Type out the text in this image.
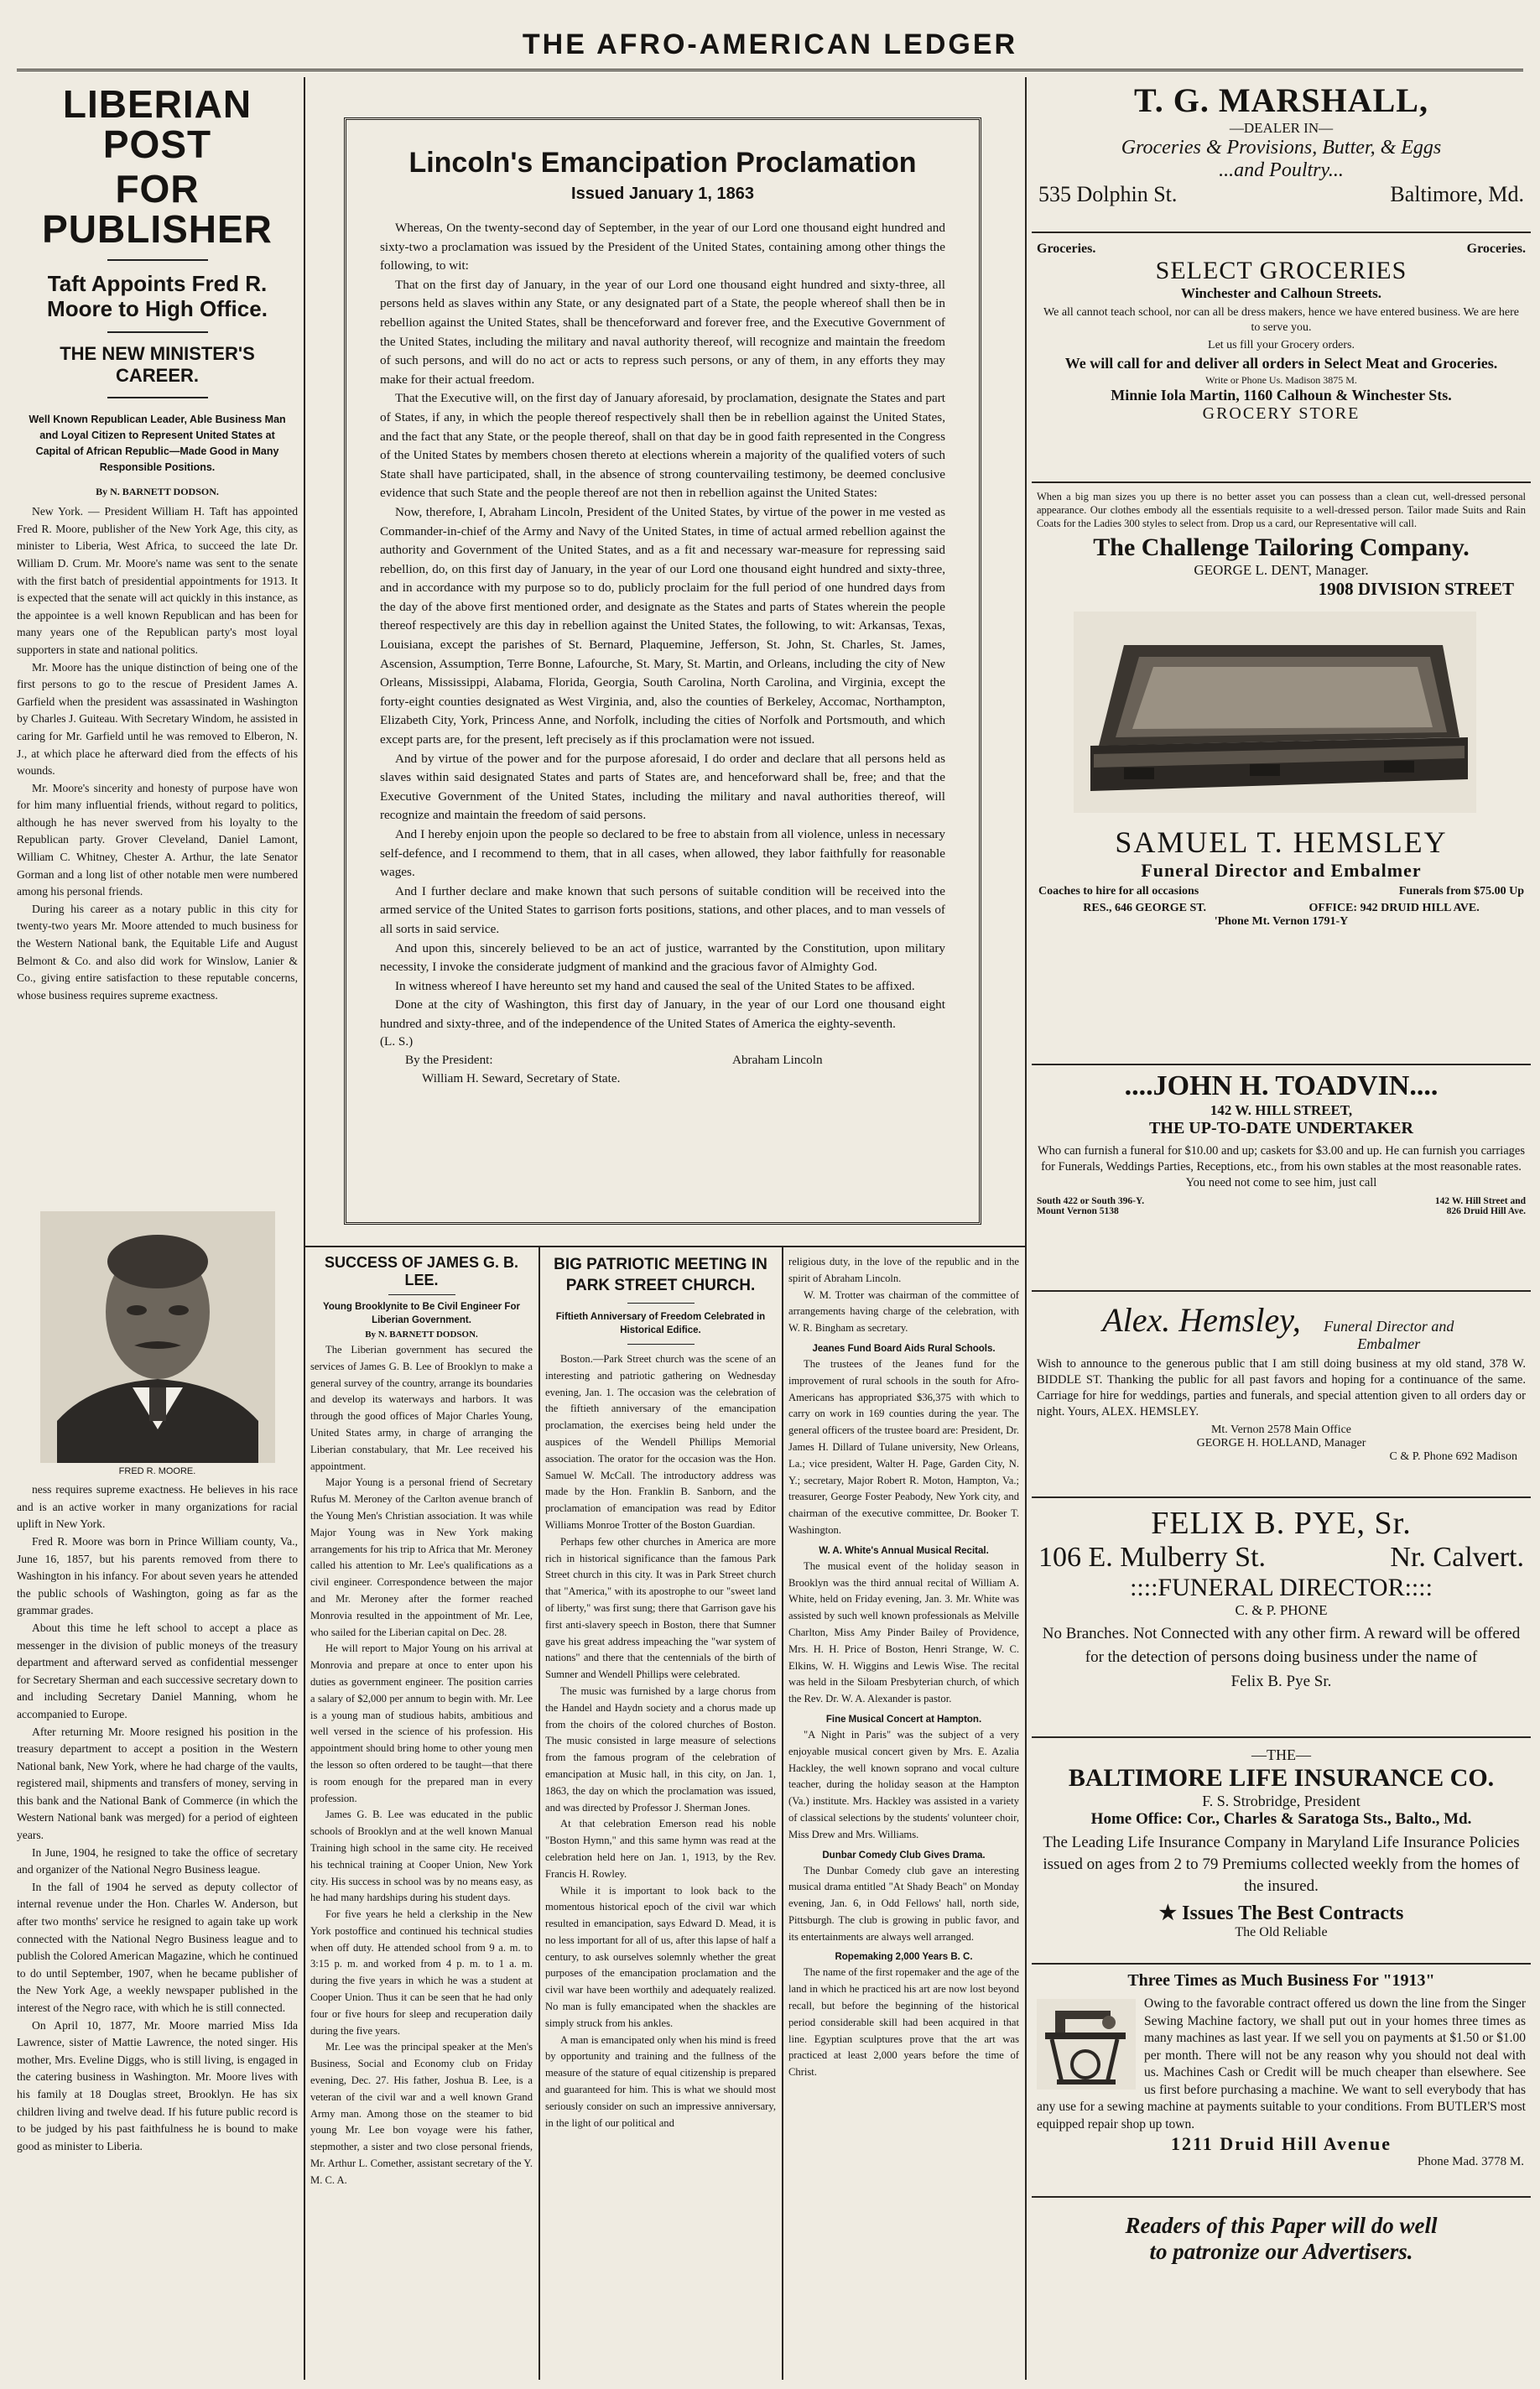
THE AFRO-AMERICAN LEDGER
LIBERIAN POST
FOR PUBLISHER
Taft Appoints Fred R. Moore to High Office.
THE NEW MINISTER'S CAREER.
Well Known Republican Leader, Able Business Man and Loyal Citizen to Represent United States at Capital of African Republic—Made Good in Many Responsible Positions.
By N. BARNETT DODSON.

New York. — President William H. Taft has appointed Fred R. Moore, publisher of the New York Age, this city, as minister to Liberia, West Africa, to succeed the late Dr. William D. Crum. Mr. Moore's name was sent to the senate with the first batch of presidential appointments for 1913. It is expected that the senate will act quickly in this instance, as the appointee is a well known Republican and has been for many years one of the Republican party's most loyal supporters in state and national politics.

Mr. Moore has the unique distinction of being one of the first persons to go to the rescue of President James A. Garfield when the president was assassinated in Washington by Charles J. Guiteau. With Secretary Windom, he assisted in caring for Mr. Garfield until he was removed to Elberon, N. J., at which place he afterward died from the effects of his wounds.

Mr. Moore's sincerity and honesty of purpose have won for him many influential friends, without regard to politics, although he has never swerved from his loyalty to the Republican party. Grover Cleveland, Daniel Lamont, William C. Whitney, Chester A. Arthur, the late Senator Gorman and a long list of other notable men were numbered among his personal friends.

During his career as a notary public in this city for twenty-two years Mr. Moore attended to much business for the Western National bank, the Equitable Life and August Belmont & Co. and also did work for Winslow, Lanier & Co., giving entire satisfaction to these reputable concerns, whose business requires supreme exactness.

FRED R. MOORE.

ness requires supreme exactness. He believes in his race and is an active worker in many organizations for racial uplift in New York.

Fred R. Moore was born in Prince William county, Va., June 16, 1857, but his parents removed from there to Washington in his infancy. For about seven years he attended the public schools of Washington, going as far as the grammar grades.

About this time he left school to accept a place as messenger in the division of public moneys of the treasury department and afterward served as confidential messenger for Secretary Sherman and each successive secretary down to and including Secretary Daniel Manning, whom he accompanied to Europe.

After returning Mr. Moore resigned his position in the treasury department to accept a position in the Western National bank, New York, where he had charge of the vaults, registered mail, shipments and transfers of money, serving in this bank and the National Bank of Commerce (in which the Western National bank was merged) for a period of eighteen years.

In June, 1904, he resigned to take the office of secretary and organizer of the National Negro Business league.

In the fall of 1904 he served as deputy collector of internal revenue under the Hon. Charles W. Anderson, but after two months' service he resigned to again take up work connected with the National Negro Business league and to publish the Colored American Magazine, which he continued to do until September, 1907, when he became publisher of the New York Age, a weekly newspaper published in the interest of the Negro race, with which he is still connected.

On April 10, 1877, Mr. Moore married Miss Ida Lawrence, sister of Mattie Lawrence, the noted singer. His mother, Mrs. Eveline Diggs, who is still living, is engaged in the catering business in Washington. Mr. Moore lives with his family at 18 Douglas street, Brooklyn. He has six children living and twelve dead. If his future public record is to be judged by his past faithfulness he is bound to make good as minister to Liberia.

Lincoln's Emancipation Proclamation
Issued January 1, 1863

Whereas, On the twenty-second day of September, in the year of our Lord one thousand eight hundred and sixty-two a proclamation was issued by the President of the United States, containing among other things the following, to wit:

That on the first day of January, in the year of our Lord one thousand eight hundred and sixty-three, all persons held as slaves within any State, or any designated part of a State, the people whereof shall then be in rebellion against the United States, shall be thenceforward and forever free, and the Executive Government of the United States, including the military and naval authority thereof, will recognize and maintain the freedom of such persons, and will do no act or acts to repress such persons, or any of them, in any efforts they may make for their actual freedom.

That the Executive will, on the first day of January aforesaid, by proclamation, designate the States and part of States, if any, in which the people thereof respectively shall then be in rebellion against the United States, and the fact that any State, or the people thereof, shall on that day be in good faith represented in the Congress of the United States by members chosen thereto at elections wherein a majority of the qualified voters of such State shall have participated, shall, in the absence of strong countervailing testimony, be deemed conclusive evidence that such State and the people thereof are not then in rebellion against the United States:

Now, therefore, I, Abraham Lincoln, President of the United States, by virtue of the power in me vested as Commander-in-chief of the Army and Navy of the United States, in time of actual armed rebellion against the authority and Government of the United States, and as a fit and necessary war-measure for repressing said rebellion, do, on this first day of January, in the year of our Lord one thousand eight hundred and sixty-three, and in accordance with my purpose so to do, publicly proclaim for the full period of one hundred days from the day of the above first mentioned order, and designate as the States and parts of States wherein the people thereof respectively are this day in rebellion against the United States, the following, to wit: Arkansas, Texas, Louisiana, except the parishes of St. Bernard, Plaquemine, Jefferson, St. John, St. Charles, St. James, Ascension, Assumption, Terre Bonne, Lafourche, St. Mary, St. Martin, and Orleans, including the city of New Orleans, Mississippi, Alabama, Florida, Georgia, South Carolina, North Carolina, and Virginia, except the forty-eight counties designated as West Virginia, and, also the counties of Berkeley, Accomac, Northampton, Elizabeth City, York, Princess Anne, and Norfolk, including the cities of Norfolk and Portsmouth, and which except parts are, for the present, left precisely as if this proclamation were not issued.

And by virtue of the power and for the purpose aforesaid, I do order and declare that all persons held as slaves within said designated States and parts of States are, and henceforward shall be, free; and that the Executive Government of the United States, including the military and naval authorities thereof, will recognize and maintain the freedom of said persons.

And I hereby enjoin upon the people so declared to be free to abstain from all violence, unless in necessary self-defence, and I recommend to them, that in all cases, when allowed, they labor faithfully for reasonable wages.

And I further declare and make known that such persons of suitable condition will be received into the armed service of the United States to garrison forts positions, stations, and other places, and to man vessels of all sorts in said service.

And upon this, sincerely believed to be an act of justice, warranted by the Constitution, upon military necessity, I invoke the considerate judgment of mankind and the gracious favor of Almighty God.

In witness whereof I have hereunto set my hand and caused the seal of the United States to be affixed.

Done at the city of Washington, this first day of January, in the year of our Lord one thousand eight hundred and sixty-three, and of the independence of the United States of America the eighty-seventh.

(L. S.)
By the President:	Abraham Lincoln
William H. Seward, Secretary of State.
SUCCESS OF JAMES G. B. LEE.
Young Brooklynite to Be Civil Engineer For Liberian Government.
By N. BARNETT DODSON.

The Liberian government has secured the services of James G. B. Lee of Brooklyn to make a general survey of the country, arrange its boundaries and develop its waterways and harbors. It was through the good offices of Major Charles Young, United States army, in charge of arranging the Liberian constabulary, that Mr. Lee received his appointment.

Major Young is a personal friend of Secretary Rufus M. Meroney of the Carlton avenue branch of the Young Men's Christian association. It was while Major Young was in New York making arrangements for his trip to Africa that Mr. Meroney called his attention to Mr. Lee's qualifications as a civil engineer. Correspondence between the major and Mr. Meroney after the former reached Monrovia resulted in the appointment of Mr. Lee, who sailed for the Liberian capital on Dec. 28.

He will report to Major Young on his arrival at Monrovia and prepare at once to enter upon his duties as government engineer. The position carries a salary of $2,000 per annum to begin with. Mr. Lee is a young man of studious habits, ambitious and well versed in the science of his profession. His appointment should bring home to other young men the lesson so often ordered to be taught—that there is room enough for the prepared man in every profession.

James G. B. Lee was educated in the public schools of Brooklyn and at the well known Manual Training high school in the same city. He received his technical training at Cooper Union, New York city. His success in school was by no means easy, as he had many hardships during his student days.

For five years he held a clerkship in the New York postoffice and continued his technical studies when off duty. He attended school from 9 a. m. to 3:15 p. m. and worked from 4 p. m. to 1 a. m. during the five years in which he was a student at Cooper Union. Thus it can be seen that he had only four or five hours for sleep and recuperation daily during the five years.

Mr. Lee was the principal speaker at the Men's Business, Social and Economy club on Friday evening, Dec. 27. His father, Joshua B. Lee, is a veteran of the civil war and a well known Grand Army man. Among those on the steamer to bid young Mr. Lee bon voyage were his father, stepmother, a sister and two close personal friends, Mr. Arthur L. Comether, assistant secretary of the Y. M. C. A.

BIG PATRIOTIC MEETING IN PARK STREET CHURCH.
Fiftieth Anniversary of Freedom Celebrated in Historical Edifice.

Boston.—Park Street church was the scene of an interesting and patriotic gathering on Wednesday evening, Jan. 1. The occasion was the celebration of the fiftieth anniversary of the emancipation proclamation, the exercises being held under the auspices of the Wendell Phillips Memorial association. The orator for the occasion was the Hon. Samuel W. McCall. The introductory address was made by the Hon. Franklin B. Sanborn, and the proclamation of emancipation was read by Editor Williams Monroe Trotter of the Boston Guardian.

Perhaps few other churches in America are more rich in historical significance than the famous Park Street church in this city. It was in Park Street church that "America," with its apostrophe to our "sweet land of liberty," was first sung; there that Garrison gave his first anti-slavery speech in Boston, there that Sumner gave his great address impeaching the "war system of nations" and there that the centennials of the birth of Sumner and Wendell Phillips were celebrated.

The music was furnished by a large chorus from the Handel and Haydn society and a chorus made up from the choirs of the colored churches of Boston. The music consisted in large measure of selections from the famous program of the celebration of emancipation at Music hall, in this city, on Jan. 1, 1863, the day on which the proclamation was issued, and was directed by Professor J. Sherman Jones.

At that celebration Emerson read his noble "Boston Hymn," and this same hymn was read at the celebration held here on Jan. 1, 1913, by the Rev. Francis H. Rowley.

While it is important to look back to the momentous historical epoch of the civil war which resulted in emancipation, says Edward D. Mead, it is no less important for all of us, after this lapse of half a century, to ask ourselves solemnly whether the great purposes of the emancipation proclamation and the civil war have been worthily and adequately realized. No man is fully emancipated when the shackles are simply struck from his ankles.

A man is emancipated only when his mind is freed by opportunity and training and the fullness of the measure of the stature of equal citizenship is prepared and guaranteed for him. This is what we should most seriously consider on such an impressive anniversary, in the light of our political and

religious duty, in the love of the republic and in the spirit of Abraham Lincoln.
W. M. Trotter was chairman of the committee of arrangements having charge of the celebration, with W. R. Bingham as secretary.
Jeanes Fund Board Aids Rural Schools.
The trustees of the Jeanes fund for the improvement of rural schools in the south for Afro-Americans has appropriated $36,375 with which to carry on work in 169 counties during the year. The general officers of the trustee board are: President, Dr. James H. Dillard of Tulane university, New Orleans, La.; vice president, Walter H. Page, Garden City, N. Y.; secretary, Major Robert R. Moton, Hampton, Va.; treasurer, George Foster Peabody, New York city, and chairman of the executive committee, Dr. Booker T. Washington.
W. A. White's Annual Musical Recital.
The musical event of the holiday season in Brooklyn was the third annual recital of William A. White, held on Friday evening, Jan. 3. Mr. White was assisted by such well known professionals as Melville Charlton, Miss Amy Pinder Bailey of Providence, Mrs. H. H. Price of Boston, Henri Strange, W. C. Elkins, W. H. Wiggins and Lewis Wise. The recital was held in the Siloam Presbyterian church, of which the Rev. Dr. W. A. Alexander is pastor.
Fine Musical Concert at Hampton.
"A Night in Paris" was the subject of a very enjoyable musical concert given by Mrs. E. Azalia Hackley, the well known soprano and vocal culture teacher, during the holiday season at the Hampton (Va.) institute. Mrs. Hackley was assisted in a variety of classical selections by the students' volunteer choir, Miss Drew and Mrs. Williams.
Dunbar Comedy Club Gives Drama.
The Dunbar Comedy club gave an interesting musical drama entitled "At Shady Beach" on Monday evening, Jan. 6, in Odd Fellows' hall, north side, Pittsburgh. The club is growing in public favor, and its entertainments are always well arranged.
Ropemaking 2,000 Years B. C.
The name of the first ropemaker and the age of the land in which he practiced his art are now lost beyond recall, but before the beginning of the historical period considerable skill had been acquired in that line. Egyptian sculptures prove that the art was practiced at least 2,000 years before the time of Christ.
T. G. MARSHALL,
—DEALER IN—
Groceries & Provisions, Butter, & Eggs
...and Poultry...
535 Dolphin St.	Baltimore, Md.
Groceries.	Groceries.
SELECT GROCERIES
Winchester and Calhoun Streets.
We all cannot teach school, nor can all be dress makers, hence we have entered business. We are here to serve you.
Let us fill your Grocery orders.
We will call for and deliver all orders in Select Meat and Groceries.
Write or Phone Us. Madison 3875 M.
Minnie Iola Martin, 1160 Calhoun & Winchester Sts.
GROCERY STORE
When a big man sizes you up there is no better asset you can possess than a clean cut, well-dressed personal appearance. Our clothes embody all the essentials requisite to a well-dressed person. Tailor made Suits and Rain Coats for the Ladies 300 styles to select from. Drop us a card, our Representative will call.
The Challenge Tailoring Company.
GEORGE L. DENT, Manager.
1908 DIVISION STREET
SAMUEL T. HEMSLEY
Funeral Director and Embalmer
Coaches to hire for all occasions	Funerals from $75.00 Up
RES., 646 GEORGE ST.	OFFICE: 942 DRUID HILL AVE.
'Phone Mt. Vernon 1791-Y
....JOHN H. TOADVIN....
142 W. HILL STREET,
THE UP-TO-DATE UNDERTAKER
Who can furnish a funeral for $10.00 and up; caskets for $3.00 and up. He can furnish you carriages for Funerals, Weddings Parties, Receptions, etc., from his own stables at the most reasonable rates. You need not come to see him, just call
South 422 or South 396-Y.	142 W. Hill Street and
Mount Vernon 5138	826 Druid Hill Ave.
Alex. Hemsley,	Funeral Director and Embalmer
Wish to announce to the generous public that I am still doing business at my old stand, 378 W. BIDDLE ST. Thanking the public for all past favors and hoping for a continuance of the same. Carriage for hire for weddings, parties and funerals, and special attention given to all orders day or night. Yours, ALEX. HEMSLEY.
Mt. Vernon 2578 Main Office
GEORGE H. HOLLAND, Manager
C & P. Phone 692 Madison
FELIX B. PYE, Sr.
106 E. Mulberry St.	Nr. Calvert.
::::FUNERAL DIRECTOR::::
C. & P. PHONE
No Branches. Not Connected with any other firm. A reward will be offered for the detection of persons doing business under the name of
Felix B. Pye Sr.
—THE—
BALTIMORE LIFE INSURANCE CO.
F. S. Strobridge, President
Home Office: Cor., Charles & Saratoga Sts., Balto., Md.
The Leading Life Insurance Company in Maryland Life Insurance Policies issued on ages from 2 to 79 Premiums collected weekly from the homes of the insured.
★ Issues The Best Contracts
The Old Reliable
Three Times as Much Business For "1913"
Owing to the favorable contract offered us down the line from the Singer Sewing Machine factory, we shall put out in your homes three times as many machines as last year. If we sell you on payments at $1.50 or $1.00 per month. There will not be any reason why you should not deal with us. Machines Cash or Credit will be much cheaper than elsewhere. See us first before purchasing a machine. We want to sell everybody that has any use for a sewing machine at payments suitable to your conditions. From BUTLER'S most equipped repair shop up town.
1211 Druid Hill Avenue
Phone Mad. 3778 M.
Readers of this Paper will do well
to patronize our Advertisers.
